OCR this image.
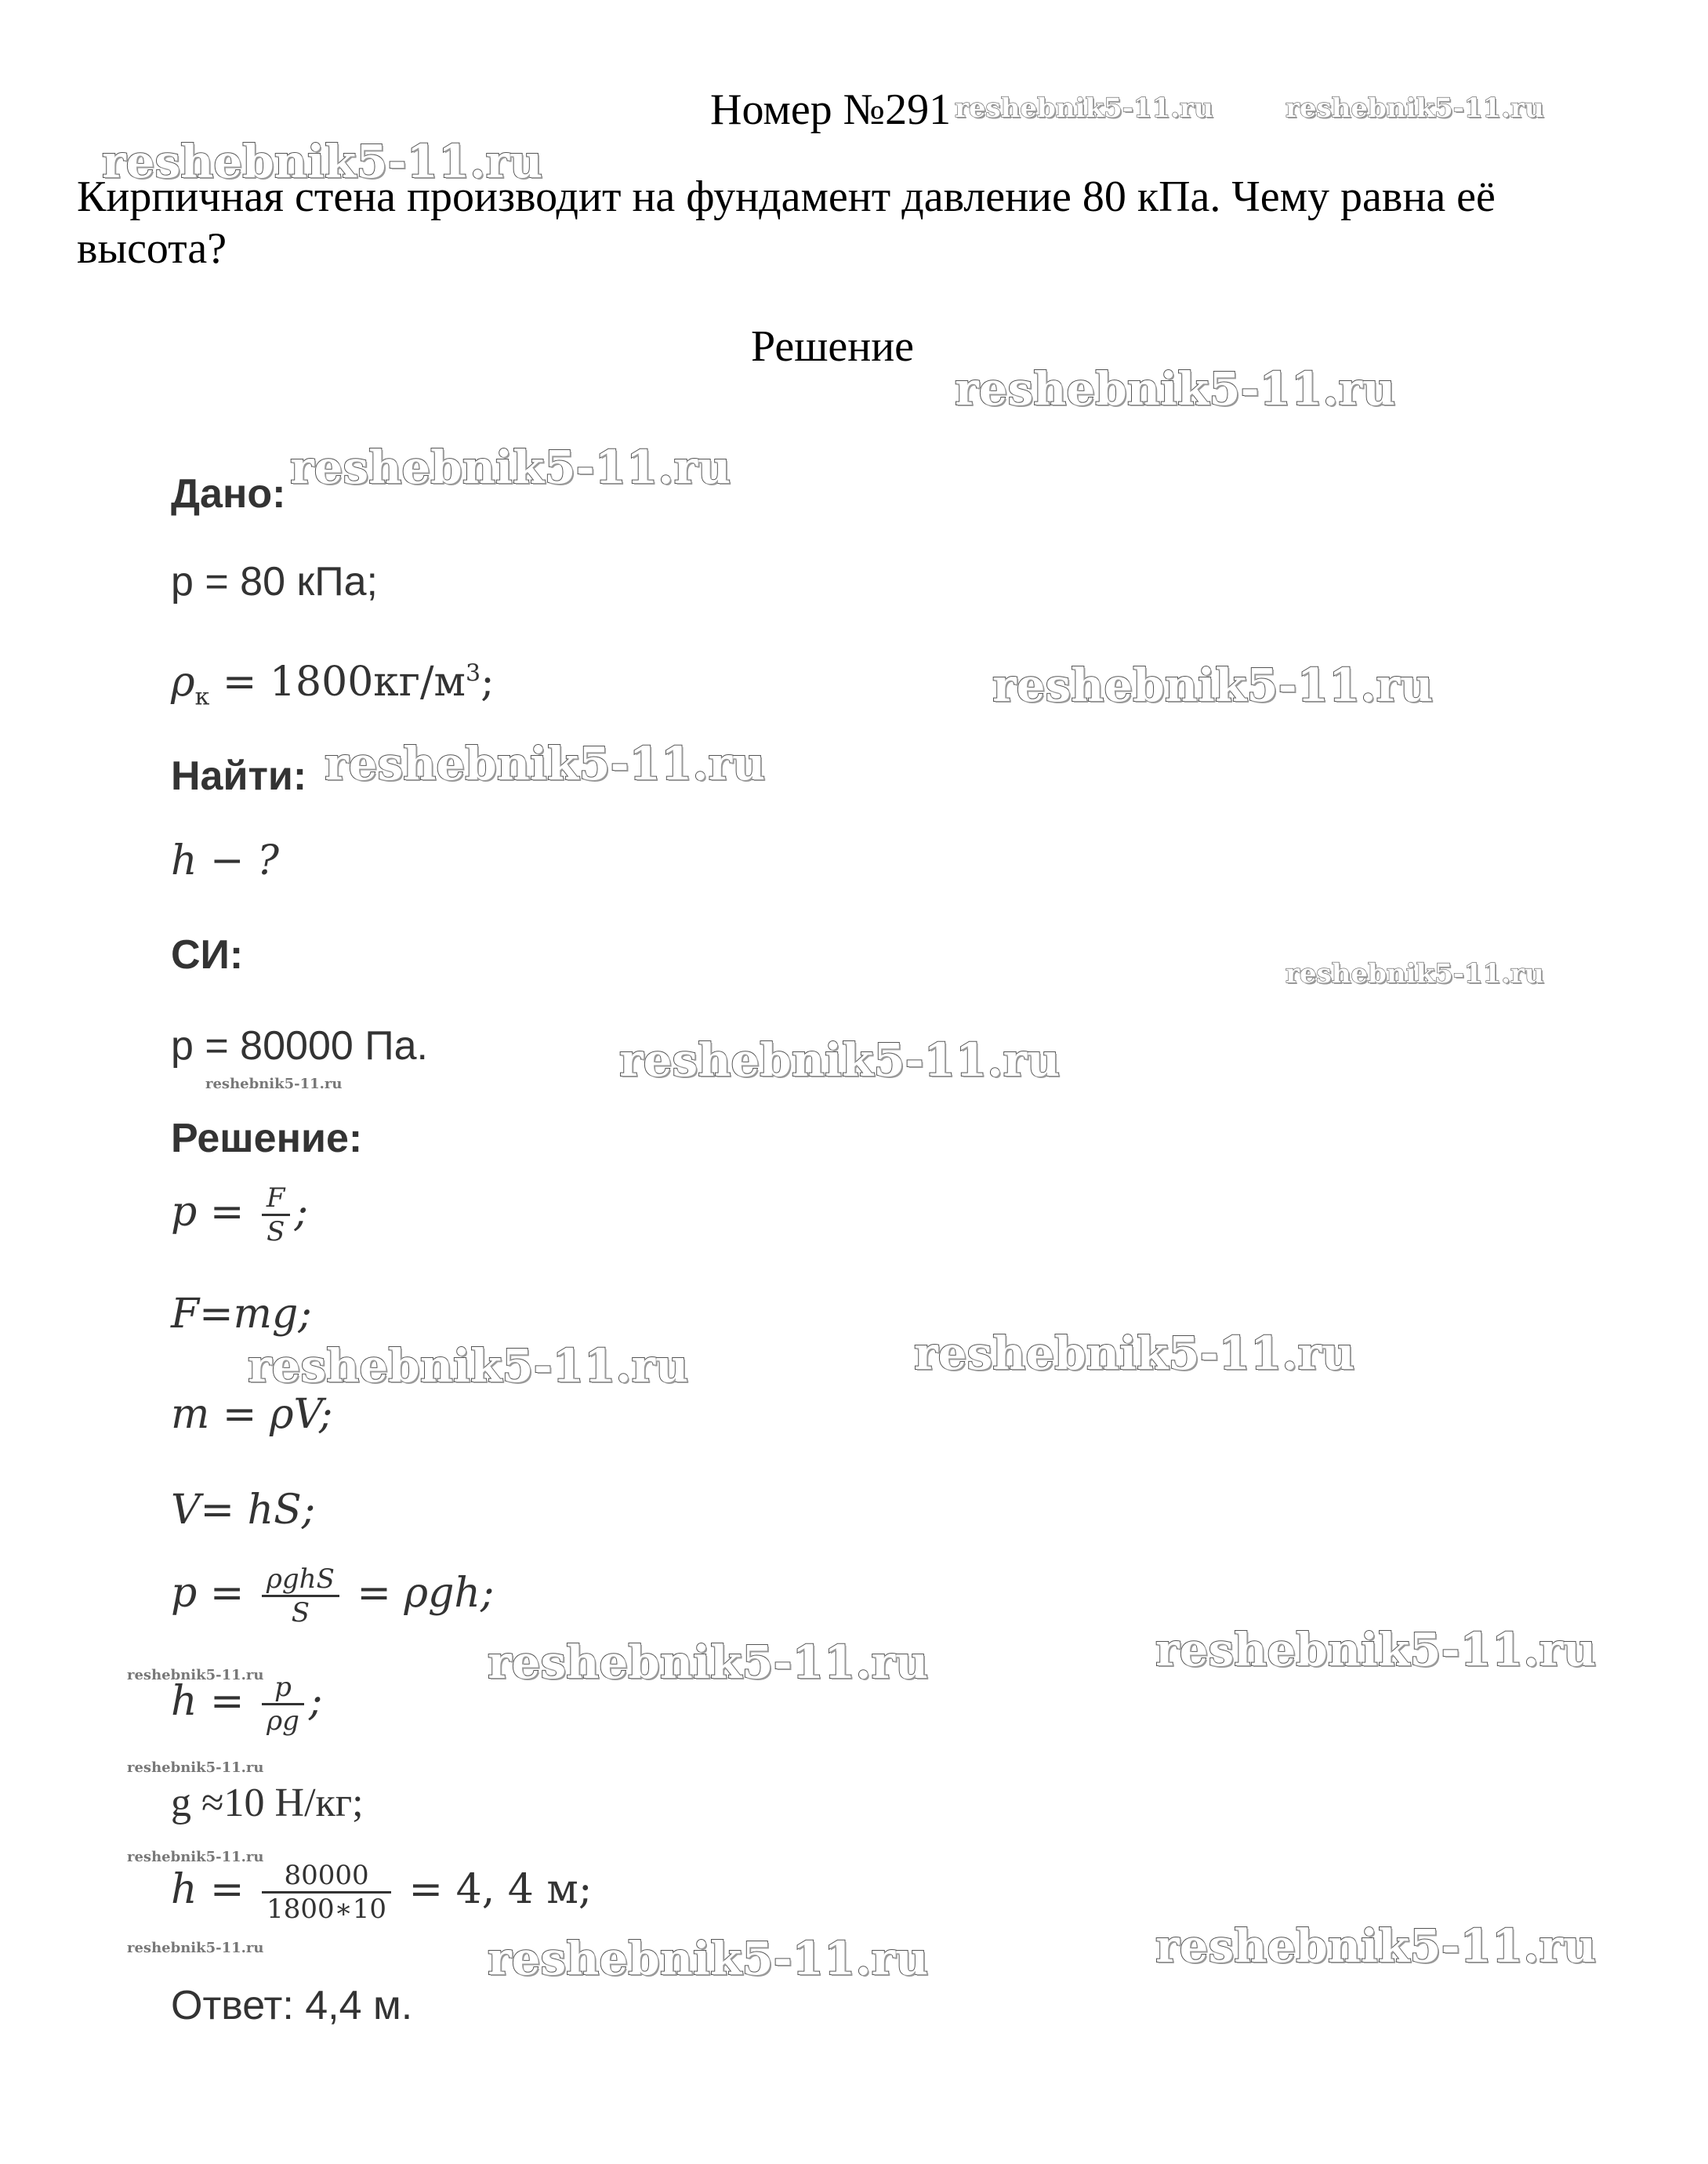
Номер №291
Кирпичная стена производит на фундамент давление 80 кПа. Чему равна её высота?
Решение
Дано:
p = 80 кПа;
$\rho_к = 1800кг/м^3$;
Найти:
h − ?
СИ:
p = 80000 Па.
Решение:
$p = \frac{F}{S}$ ;
F=mg;
m = ρV;
V= hS;
$p = \frac{\text{ρghS}}{S} = \rho gh$;
$h = \frac{p}{\rho g}$ ;
g ≈10 Н/кг;
$h = \frac{80000}{1800∗10} = 4$, 4 м;
Ответ: 4,4 м.
reshebnik5-11.ru	reshebnik5-11.ru
reshebnik5-11.ru
reshebnik5-11.ru
reshebnik5-11.ru
reshebnik5-11.ru
reshebnik5-11.ru
reshebnik5-11.ru
reshebnik5-11.ru
reshebnik5-11.ru
reshebnik5-11.ru	reshebnik5-11.ru
reshebnik5-11.ru
reshebnik5-11.ru
reshebnik5-11.ru
reshebnik5-11.ru
reshebnik5-11.ru
reshebnik5-11.ru	reshebnik5-11.ru	reshebnik5-11.ru
